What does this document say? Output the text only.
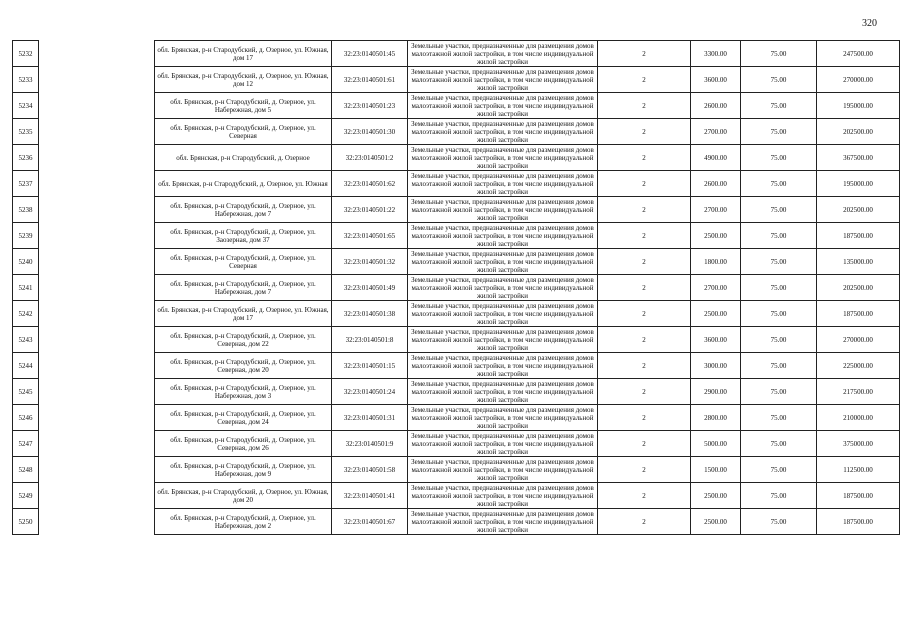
320
5232		обл. Брянская, р-н Стародубский, д. Озерное, ул. Южная, дом 17	32:23:0140501:45	Земельные участки, предназначенные для размещения домов малоэтажной жилой застройки, в том числе индивидуальной жилой застройки	2	3300.00	75.00	247500.00
5233		обл. Брянская, р-н Стародубский, д. Озерное, ул. Южная, дом 12	32:23:0140501:61	Земельные участки, предназначенные для размещения домов малоэтажной жилой застройки, в том числе индивидуальной жилой застройки	2	3600.00	75.00	270000.00
5234		обл. Брянская, р-н Стародубский, д. Озерное, ул. Набережная, дом 5	32:23:0140501:23	Земельные участки, предназначенные для размещения домов малоэтажной жилой застройки, в том числе индивидуальной жилой застройки	2	2600.00	75.00	195000.00
5235		обл. Брянская, р-н Стародубский, д. Озерное, ул. Северная	32:23:0140501:30	Земельные участки, предназначенные для размещения домов малоэтажной жилой застройки, в том числе индивидуальной жилой застройки	2	2700.00	75.00	202500.00
5236		обл. Брянская, р-н Стародубский, д. Озерное	32:23:0140501:2	Земельные участки, предназначенные для размещения домов малоэтажной жилой застройки, в том числе индивидуальной жилой застройки	2	4900.00	75.00	367500.00
5237		обл. Брянская, р-н Стародубский, д. Озерное, ул. Южная	32:23:0140501:62	Земельные участки, предназначенные для размещения домов малоэтажной жилой застройки, в том числе индивидуальной жилой застройки	2	2600.00	75.00	195000.00
5238		обл. Брянская, р-н Стародубский, д. Озерное, ул. Набережная, дом 7	32:23:0140501:22	Земельные участки, предназначенные для размещения домов малоэтажной жилой застройки, в том числе индивидуальной жилой застройки	2	2700.00	75.00	202500.00
5239		обл. Брянская, р-н Стародубский, д. Озерное, ул. Заозерная, дом 37	32:23:0140501:65	Земельные участки, предназначенные для размещения домов малоэтажной жилой застройки, в том числе индивидуальной жилой застройки	2	2500.00	75.00	187500.00
5240		обл. Брянская, р-н Стародубский, д. Озерное, ул. Северная	32:23:0140501:32	Земельные участки, предназначенные для размещения домов малоэтажной жилой застройки, в том числе индивидуальной жилой застройки	2	1800.00	75.00	135000.00
5241		обл. Брянская, р-н Стародубский, д. Озерное, ул. Набережная, дом 7	32:23:0140501:49	Земельные участки, предназначенные для размещения домов малоэтажной жилой застройки, в том числе индивидуальной жилой застройки	2	2700.00	75.00	202500.00
5242		обл. Брянская, р-н Стародубский, д. Озерное, ул. Южная, дом 17	32:23:0140501:38	Земельные участки, предназначенные для размещения домов малоэтажной жилой застройки, в том числе индивидуальной жилой застройки	2	2500.00	75.00	187500.00
5243		обл. Брянская, р-н Стародубский, д. Озерное, ул. Северная, дом 22	32:23:0140501:8	Земельные участки, предназначенные для размещения домов малоэтажной жилой застройки, в том числе индивидуальной жилой застройки	2	3600.00	75.00	270000.00
5244		обл. Брянская, р-н Стародубский, д. Озерное, ул. Северная, дом 20	32:23:0140501:15	Земельные участки, предназначенные для размещения домов малоэтажной жилой застройки, в том числе индивидуальной жилой застройки	2	3000.00	75.00	225000.00
5245		обл. Брянская, р-н Стародубский, д. Озерное, ул. Набережная, дом 3	32:23:0140501:24	Земельные участки, предназначенные для размещения домов малоэтажной жилой застройки, в том числе индивидуальной жилой застройки	2	2900.00	75.00	217500.00
5246		обл. Брянская, р-н Стародубский, д. Озерное, ул. Северная, дом 24	32:23:0140501:31	Земельные участки, предназначенные для размещения домов малоэтажной жилой застройки, в том числе индивидуальной жилой застройки	2	2800.00	75.00	210000.00
5247		обл. Брянская, р-н Стародубский, д. Озерное, ул. Северная, дом 26	32:23:0140501:9	Земельные участки, предназначенные для размещения домов малоэтажной жилой застройки, в том числе индивидуальной жилой застройки	2	5000.00	75.00	375000.00
5248		обл. Брянская, р-н Стародубский, д. Озерное, ул. Набережная, дом 9	32:23:0140501:58	Земельные участки, предназначенные для размещения домов малоэтажной жилой застройки, в том числе индивидуальной жилой застройки	2	1500.00	75.00	112500.00
5249		обл. Брянская, р-н Стародубский, д. Озерное, ул. Южная, дом 20	32:23:0140501:41	Земельные участки, предназначенные для размещения домов малоэтажной жилой застройки, в том числе индивидуальной жилой застройки	2	2500.00	75.00	187500.00
5250		обл. Брянская, р-н Стародубский, д. Озерное, ул. Набережная, дом 2	32:23:0140501:67	Земельные участки, предназначенные для размещения домов малоэтажной жилой застройки, в том числе индивидуальной жилой застройки	2	2500.00	75.00	187500.00
